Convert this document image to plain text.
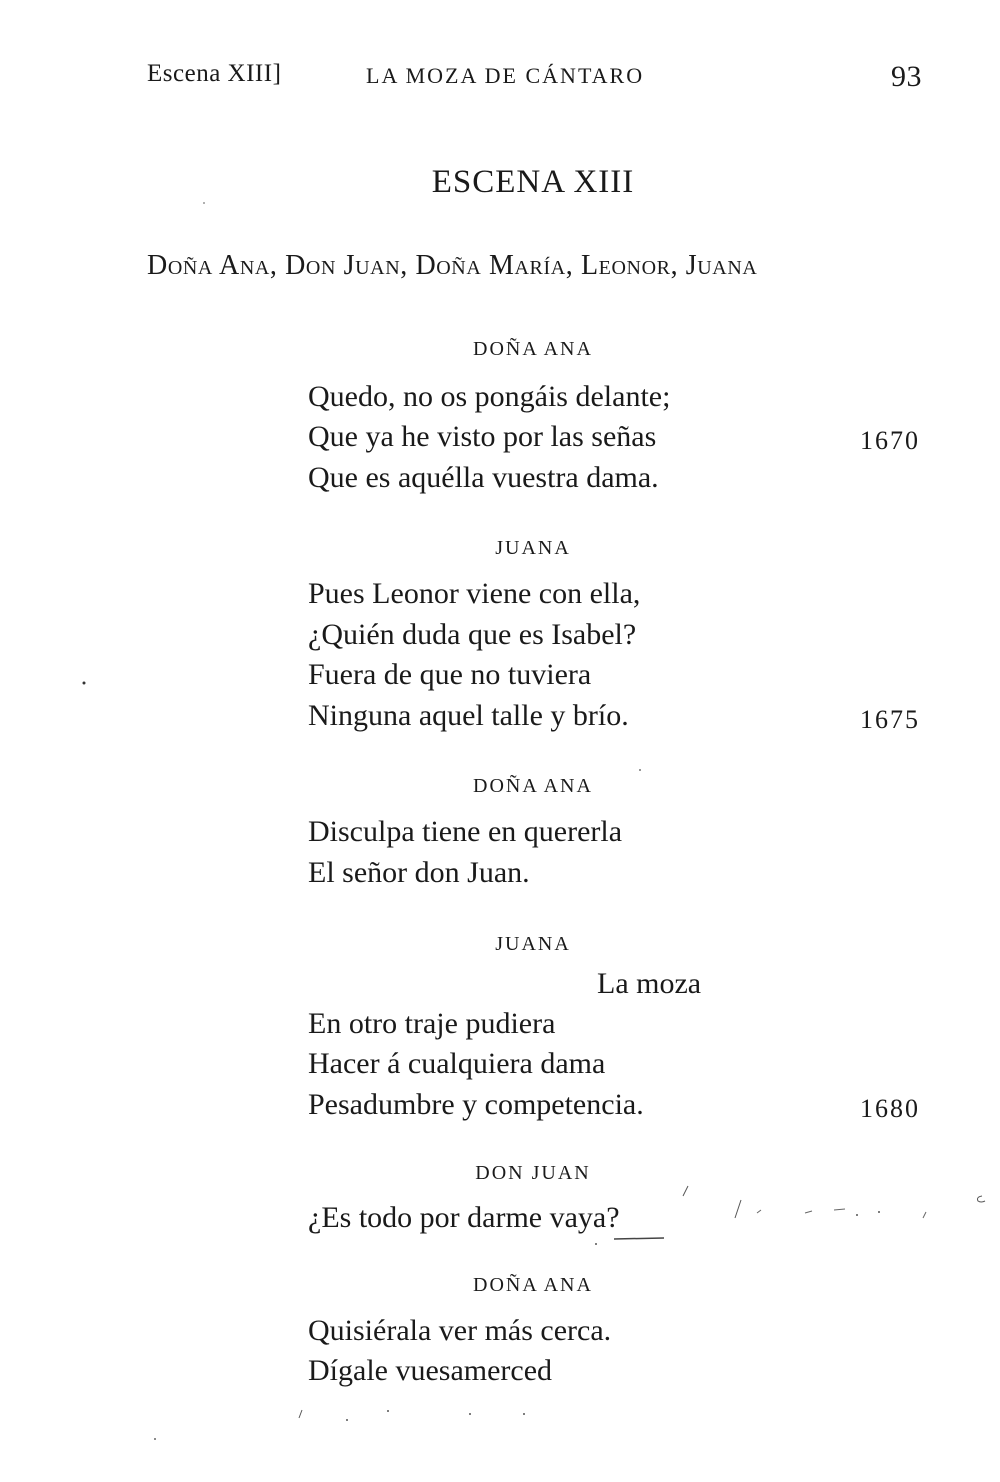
Escena XIII]	LA MOZA DE CÁNTARO	93
ESCENA XIII
Doña Ana, Don Juan, Doña María, Leonor, Juana
DOÑA ANA
Quedo, no os pongáis delante;
Que ya he visto por las señas	1670
Que es aquélla vuestra dama.
JUANA
Pues Leonor viene con ella,
¿Quién duda que es Isabel?
Fuera de que no tuviera
Ninguna aquel talle y brío.	1675
DOÑA ANA
Disculpa tiene en quererla
El señor don Juan.
JUANA
La moza
En otro traje pudiera
Hacer á cualquiera dama
Pesadumbre y competencia.	1680
DON JUAN
¿Es todo por darme vaya?
DOÑA ANA
Quisiérala ver más cerca.
Dígale vuesamerced
